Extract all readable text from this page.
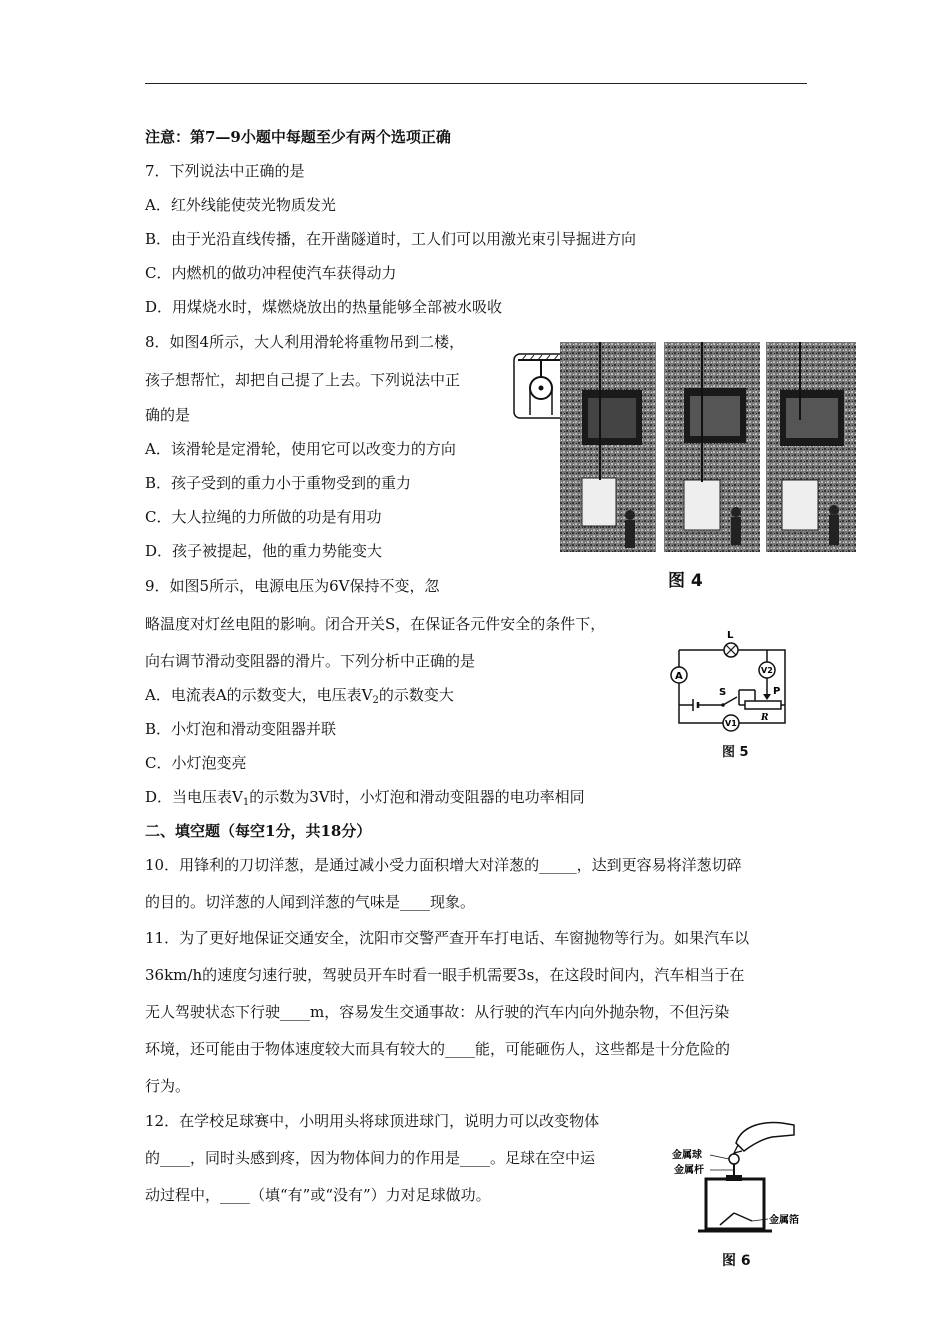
注意：第7—9小题中每题至少有两个选项正确
7．下列说法中正确的是
A．红外线能使荧光物质发光
B．由于光沿直线传播，在开凿隧道时，工人们可以用激光束引导掘进方向
C．内燃机的做功冲程使汽车获得动力
D．用煤烧水时，煤燃烧放出的热量能够全部被水吸收
8．如图4所示，大人利用滑轮将重物吊到二楼，
孩子想帮忙，却把自己提了上去。下列说法中正
确的是
A．该滑轮是定滑轮，使用它可以改变力的方向
B．孩子受到的重力小于重物受到的重力
C．大人拉绳的力所做的功是有用功
D．孩子被提起，他的重力势能变大
图 4
9．如图5所示，电源电压为6V保持不变，忽
略温度对灯丝电阻的影响。闭合开关S，在保证各元件安全的条件下，
向右调节滑动变阻器的滑片。下列分析中正确的是
A．电流表A的示数变大，电压表$V_2$的示数变大
B．小灯泡和滑动变阻器并联
C．小灯泡变亮
D．当电压表$V_1$的示数为3V时，小灯泡和滑动变阻器的电功率相同
L
A
V2
P
R
S
V1
图 5
二、填空题（每空1分，共18分）
10．用锋利的刀切洋葱，是通过减小受力面积增大对洋葱的_____，达到更容易将洋葱切碎
的目的。切洋葱的人闻到洋葱的气味是____现象。
11．为了更好地保证交通安全，沈阳市交警严查开车打电话、车窗抛物等行为。如果汽车以
36km/h的速度匀速行驶，驾驶员开车时看一眼手机需要3s，在这段时间内，汽车相当于在
无人驾驶状态下行驶____m，容易发生交通事故：从行驶的汽车内向外抛杂物，不但污染
环境，还可能由于物体速度较大而具有较大的____能，可能砸伤人，这些都是十分危险的
行为。
12．在学校足球赛中，小明用头将球顶进球门，说明力可以改变物体
的____，同时头感到疼，因为物体间力的作用是____。足球在空中运
动过程中，____（填“有”或“没有”）力对足球做功。
金属球
金属杆
金属箔
图 6
